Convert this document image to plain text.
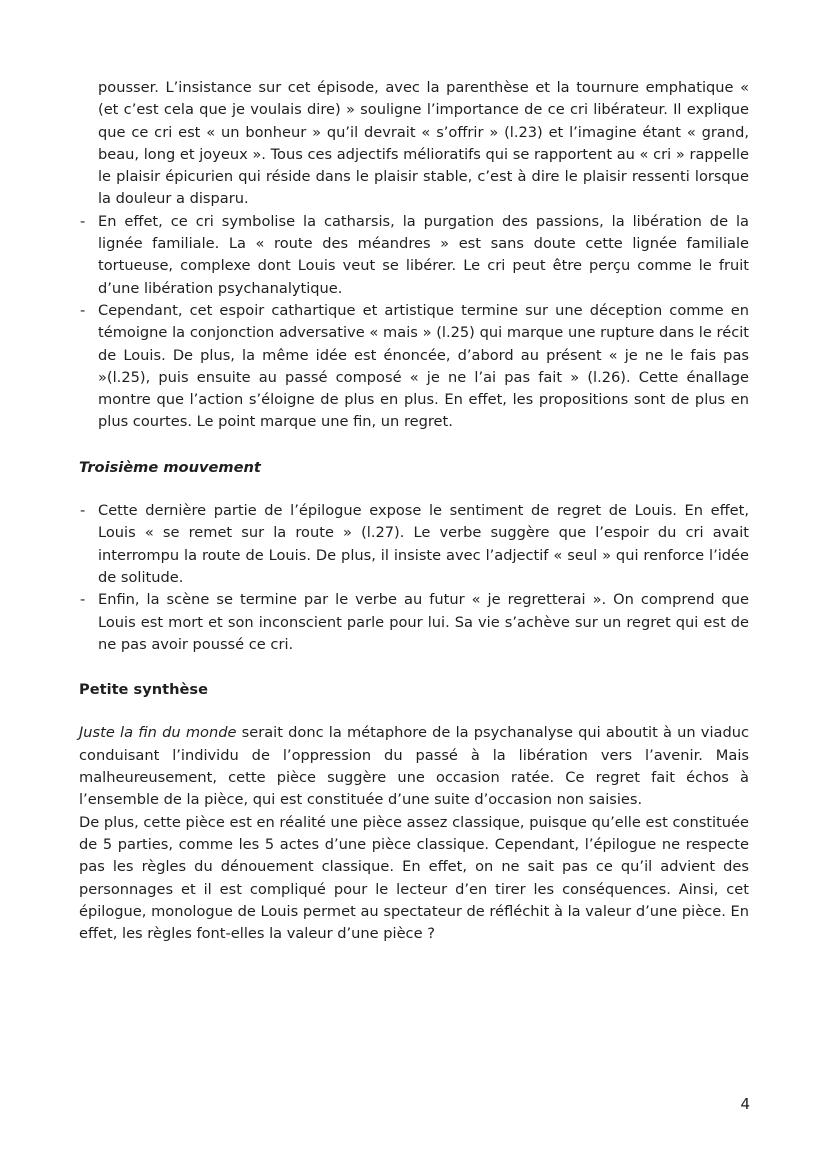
pousser. L’insistance sur cet épisode, avec la parenthèse et la tournure emphatique « (et c’est cela que je voulais dire) » souligne l’importance de ce cri libérateur. Il explique que ce cri est « un bonheur » qu’il devrait « s’offrir » (l.23) et l’imagine étant « grand, beau, long et joyeux ». Tous ces adjectifs mélioratifs qui se rapportent au « cri » rappelle le plaisir épicurien qui réside dans le plaisir stable, c’est à dire le plaisir ressenti lorsque la douleur a disparu.

- En effet, ce cri symbolise la catharsis, la purgation des passions, la libération de la lignée familiale. La « route des méandres » est sans doute cette lignée familiale tortueuse, complexe dont Louis veut se libérer. Le cri peut être perçu comme le fruit d’une libération psychanalytique.

- Cependant, cet espoir cathartique et artistique termine sur une déception comme en témoigne la conjonction adversative « mais » (l.25) qui marque une rupture dans le récit de Louis. De plus, la même idée est énoncée, d’abord au présent « je ne le fais pas »(l.25), puis ensuite au passé composé « je ne l’ai pas fait » (l.26). Cette énallage montre que l’action s’éloigne de plus en plus. En effet, les propositions sont de plus en plus courtes. Le point marque une fin, un regret.

Troisième mouvement
- Cette dernière partie de l’épilogue expose le sentiment de regret de Louis. En effet, Louis « se remet sur la route » (l.27). Le verbe suggère que l’espoir du cri avait interrompu la route de Louis. De plus, il insiste avec l’adjectif « seul » qui renforce l’idée de solitude.

- Enfin, la scène se termine par le verbe au futur « je regretterai ». On comprend que Louis est mort et son inconscient parle pour lui. Sa vie s’achève sur un regret qui est de ne pas avoir poussé ce cri.

Petite synthèse

Juste la fin du monde serait donc la métaphore de la psychanalyse qui aboutit à un viaduc conduisant l’individu de l’oppression du passé à la libération vers l’avenir. Mais malheureusement, cette pièce suggère une occasion ratée. Ce regret fait échos à l’ensemble de la pièce, qui est constituée d’une suite d’occasion non saisies.

De plus, cette pièce est en réalité une pièce assez classique, puisque qu’elle est constituée de 5 parties, comme les 5 actes d’une pièce classique. Cependant, l’épilogue ne respecte pas les règles du dénouement classique. En effet, on ne sait pas ce qu’il advient des personnages et il est compliqué pour le lecteur d’en tirer les conséquences. Ainsi, cet épilogue, monologue de Louis permet au spectateur de réfléchit à la valeur d’une pièce. En effet, les règles font-elles la valeur d’une pièce ?

4
